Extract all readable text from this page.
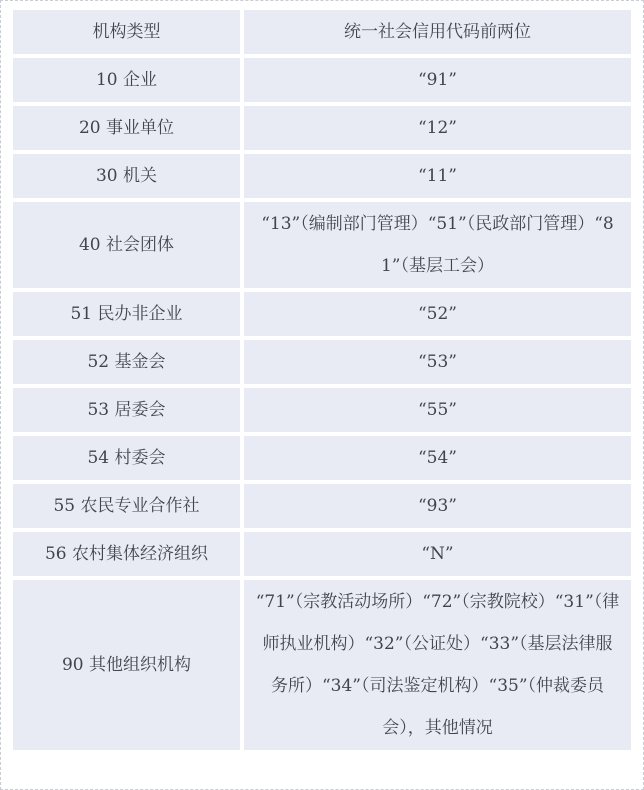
机构类型	统一社会信用代码前两位
10 企业	“91”
20 事业单位	“12”
30 机关	“11”
40 社会团体	“13”（编制部门管理）“51”（民政部门管理）“81”（基层工会）
51 民办非企业	“52”
52 基金会	“53”
53 居委会	“55”
54 村委会	“54”
55 农民专业合作社	“93”
56 农村集体经济组织	“N”
90 其他组织机构	“71”（宗教活动场所）“72”（宗教院校）“31”（律师执业机构）“32”（公证处）“33”（基层法律服务所）“34”（司法鉴定机构）“35”（仲裁委员会），其他情况
